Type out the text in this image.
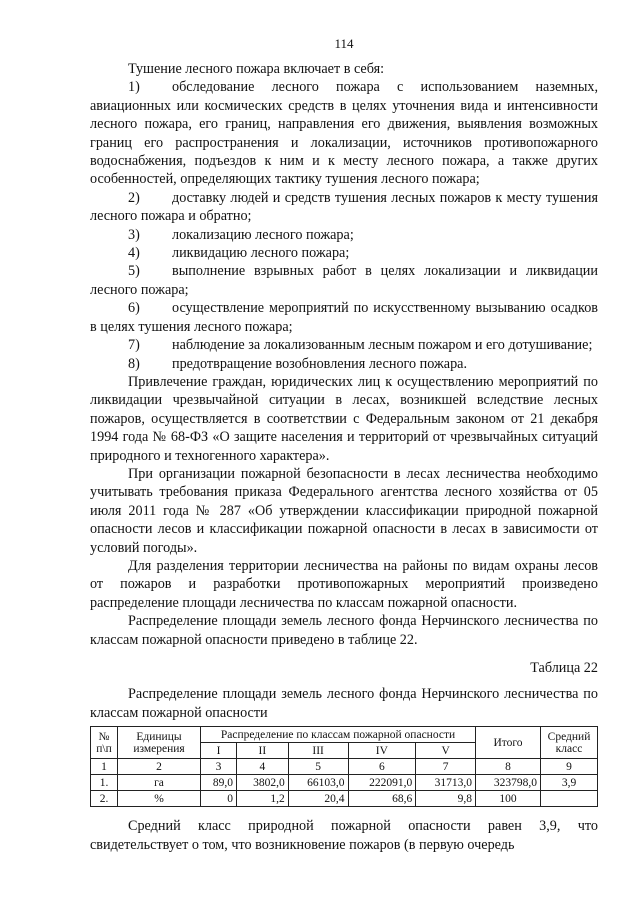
114

Тушение лесного пожара включает в себя:

1) обследование лесного пожара с использованием наземных, авиационных или космических средств в целях уточнения вида и интенсивности лесного пожара, его границ, направления его движения, выявления возможных границ его распространения и локализации, источников противопожарного водоснабжения, подъездов к ним и к месту лесного пожара, а также других особенностей, определяющих тактику тушения лесного пожара;

2) доставку людей и средств тушения лесных пожаров к месту тушения лесного пожара и обратно;

3) локализацию лесного пожара;

4) ликвидацию лесного пожара;

5) выполнение взрывных работ в целях локализации и ликвидации лесного пожара;

6) осуществление мероприятий по искусственному вызыванию осадков в целях тушения лесного пожара;

7) наблюдение за локализованным лесным пожаром и его дотушивание;

8) предотвращение возобновления лесного пожара.

Привлечение граждан, юридических лиц к осуществлению мероприятий по ликвидации чрезвычайной ситуации в лесах, возникшей вследствие лесных пожаров, осуществляется в соответствии с Федеральным законом от 21 декабря 1994 года № 68-ФЗ «О защите населения и территорий от чрезвычайных ситуаций природного и техногенного характера».

При организации пожарной безопасности в лесах лесничества необходимо учитывать требования приказа Федерального агентства лесного хозяйства от 05 июля 2011 года № 287 «Об утверждении классификации природной пожарной опасности лесов и классификации пожарной опасности в лесах в зависимости от условий погоды».

Для разделения территории лесничества на районы по видам охраны лесов от пожаров и разработки противопожарных мероприятий произведено распределение площади лесничества по классам пожарной опасности.

Распределение площади земель лесного фонда Нерчинского лесничества по классам пожарной опасности приведено в таблице 22.

Таблица 22

Распределение площади земель лесного фонда Нерчинского лесничества по классам пожарной опасности

№ п\п	Единицы измерения	Распределение по классам пожарной опасности					Итого	Средний класс
		I	II	III	IV	V		
1	2	3	4	5	6	7	8	9
1.	га	89,0	3802,0	66103,0	222091,0	31713,0	323798,0	3,9
2.	%	0	1,2	20,4	68,6	9,8	100	

Средний класс природной пожарной опасности равен 3,9, что свидетельствует о том, что возникновение пожаров (в первую очередь
